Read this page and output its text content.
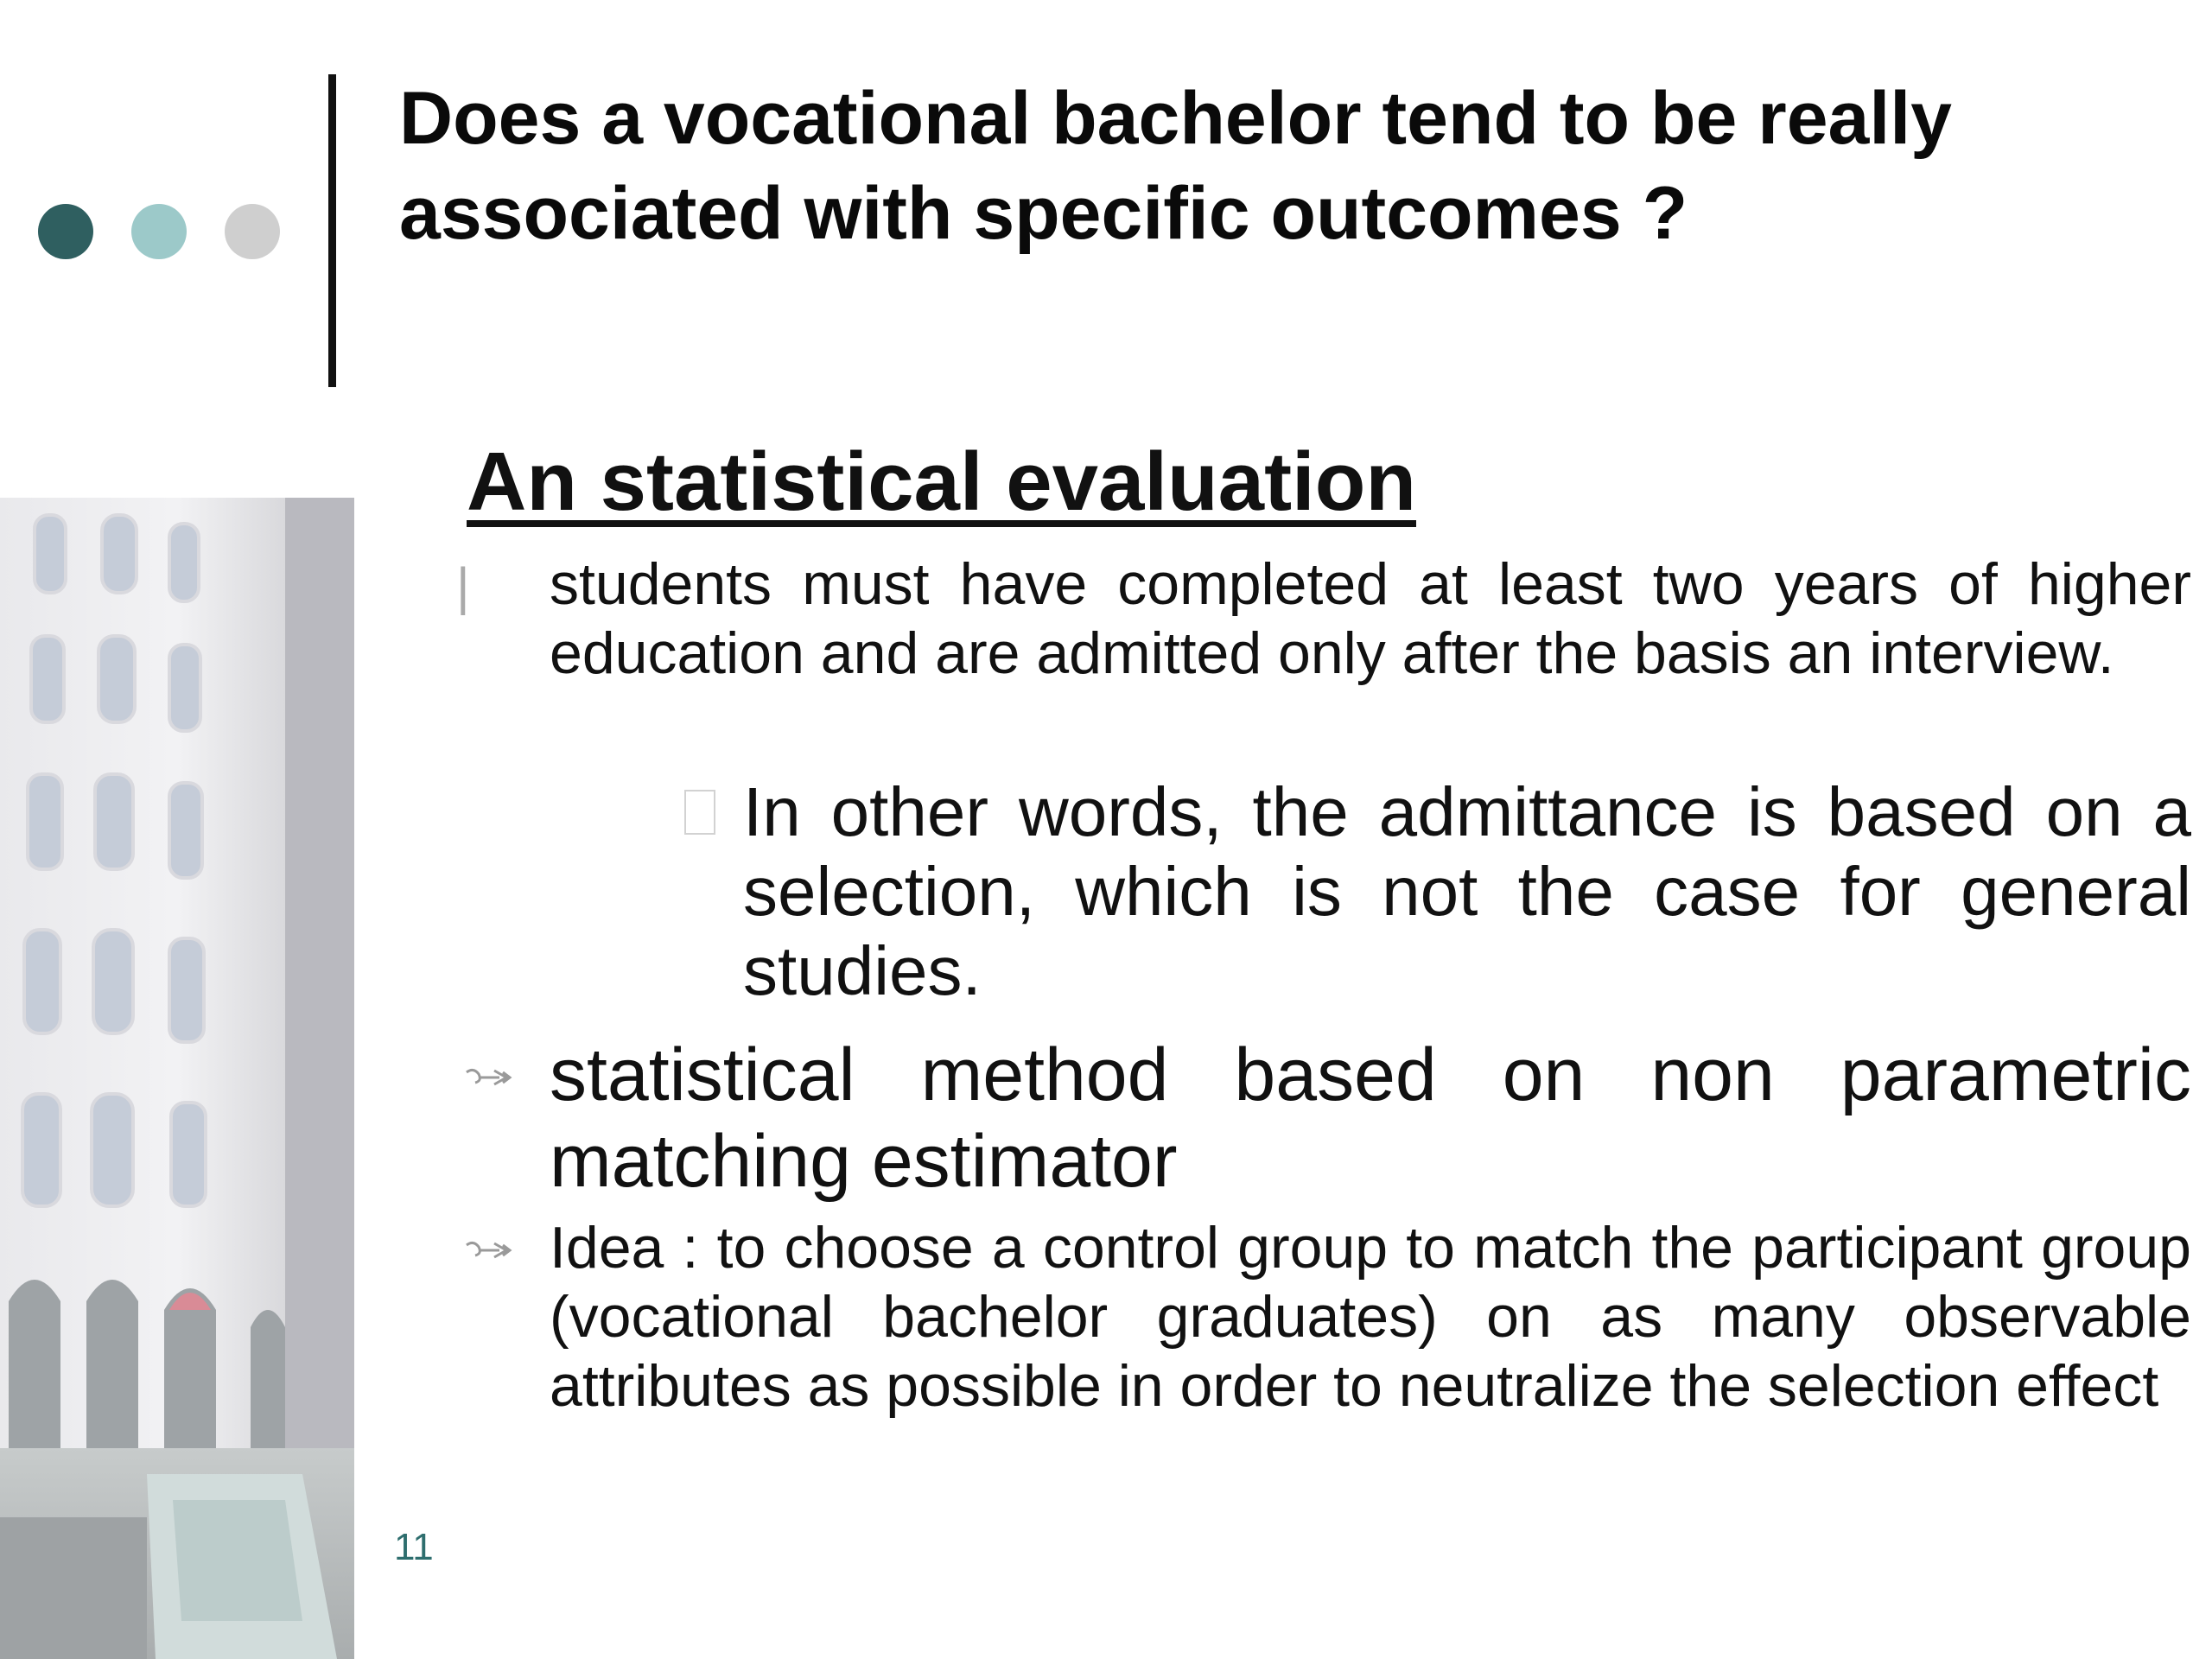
Does a vocational bachelor tend to be really associated with specific outcomes ?
11
An statistical evaluation
| students must have completed at least two years of higher education and are admitted only after the basis an interview.
In other words, the admittance is based on a selection, which is not the case for general studies.
statistical method based on non parametric matching estimator
Idea : to choose a control group to match the participant group (vocational bachelor graduates) on as many observable attributes as possible in order to neutralize the selection effect
